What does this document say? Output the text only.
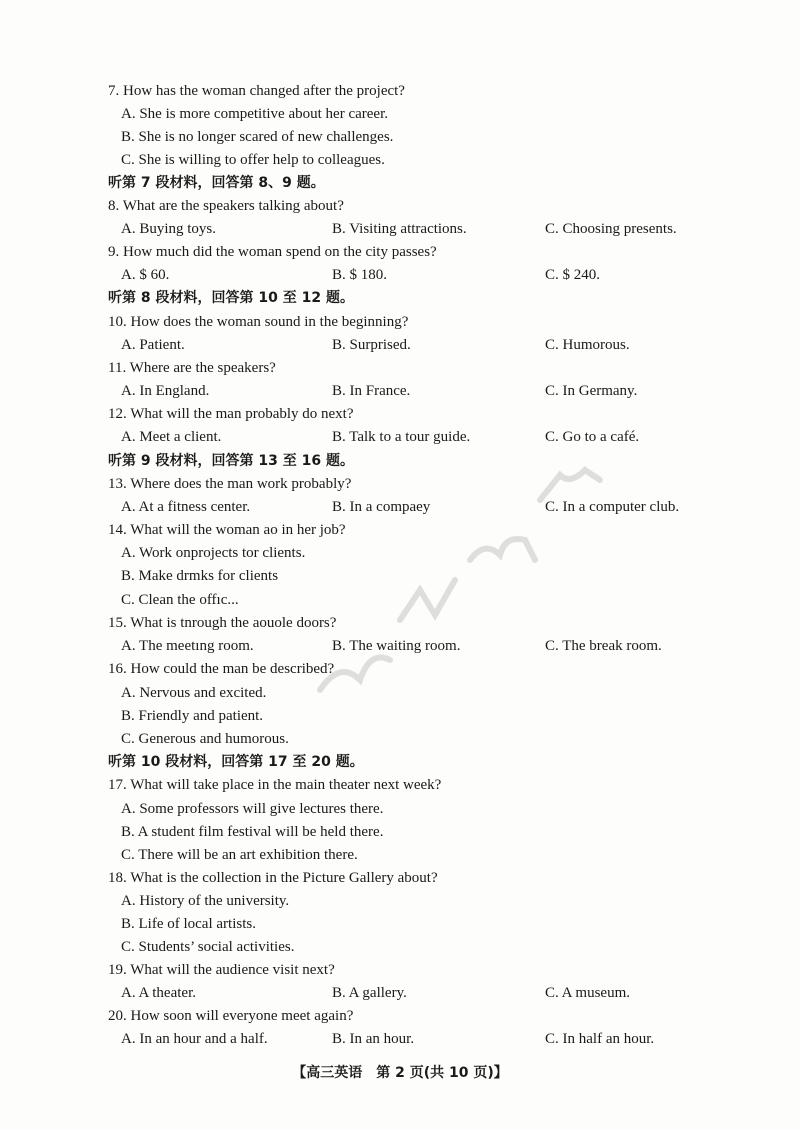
7. How has the woman changed after the project?
A. She is more competitive about her career.
B. She is no longer scared of new challenges.
C. She is willing to offer help to colleagues.
听第 7 段材料，回答第 8、9 题。
8. What are the speakers talking about?
A. Buying toys.	B. Visiting attractions.	C. Choosing presents.
9. How much did the woman spend on the city passes?
A. $ 60.	B. $ 180.	C. $ 240.
听第 8 段材料，回答第 10 至 12 题。
10. How does the woman sound in the beginning?
A. Patient.	B. Surprised.	C. Humorous.
11. Where are the speakers?
A. In England.	B. In France.	C. In Germany.
12. What will the man probably do next?
A. Meet a client.	B. Talk to a tour guide.	C. Go to a café.
听第 9 段材料，回答第 13 至 16 题。
13. Where does the man work probably?
A. At a fitness center.	B. In a compaey	C. In a computer club.
14. What will the woman ao in her job?
A. Work onprojects tor clients.
B. Make drmks for clients
C. Clean the offıc...
15. What is tnrough the aouole doors?
A. The meetıng room.	B. The waiting room.	C. The break room.
16. How could the man be described?
A. Nervous and excited.
B. Friendly and patient.
C. Generous and humorous.
听第 10 段材料，回答第 17 至 20 题。
17. What will take place in the main theater next week?
A. Some professors will give lectures there.
B. A student film festival will be held there.
C. There will be an art exhibition there.
18. What is the collection in the Picture Gallery about?
A. History of the university.
B. Life of local artists.
C. Students’ social activities.
19. What will the audience visit next?
A. A theater.	B. A gallery.	C. A museum.
20. How soon will everyone meet again?
A. In an hour and a half.	B. In an hour.	C. In half an hour.
【高三英语　第 2 页(共 10 页)】
